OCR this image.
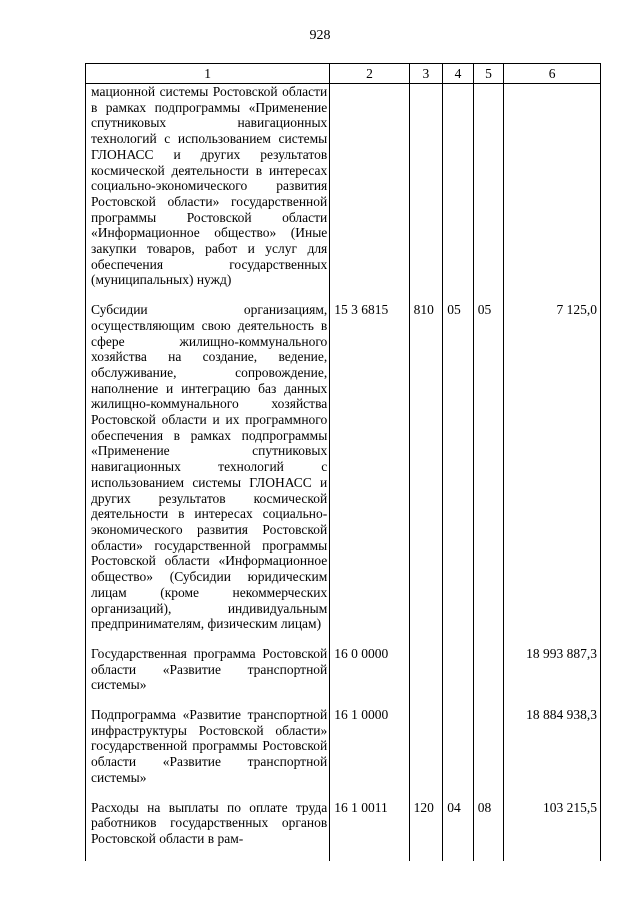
928
1	2	3	4	5	6
мационной системы Ростовской области в рамках подпрограммы «Применение спутниковых навигационных технологий с использованием системы ГЛОНАСС и других результатов космической деятельности в интересах социально-экономического развития Ростовской области» государственной программы Ростовской области «Информационное общество» (Иные закупки товаров, работ и услуг для обеспечения государственных (муниципальных) нужд)					
Субсидии организациям, осуществляющим свою деятельность в сфере жилищно-коммунального хозяйства на создание, ведение, обслуживание, сопровождение, наполнение и интеграцию баз данных жилищно-коммунального хозяйства Ростовской области и их программного обеспечения в рамках подпрограммы «Применение спутниковых навигационных технологий с использованием системы ГЛОНАСС и других результатов космической деятельности в интересах социально-экономического развития Ростовской области» государственной программы Ростовской области «Информационное общество» (Субсидии юридическим лицам (кроме некоммерческих организаций), индивидуальным предпринимателям, физическим лицам)	15 3 6815	810	05	05	7 125,0
Государственная программа Ростовской области «Развитие транспортной системы»	16 0 0000				18 993 887,3
Подпрограмма «Развитие транспортной инфраструктуры Ростовской области» государственной программы Ростовской области «Развитие транспортной системы»	16 1 0000				18 884 938,3
Расходы на выплаты по оплате труда работников государственных органов Ростовской области в рам-	16 1 0011	120	04	08	103 215,5
